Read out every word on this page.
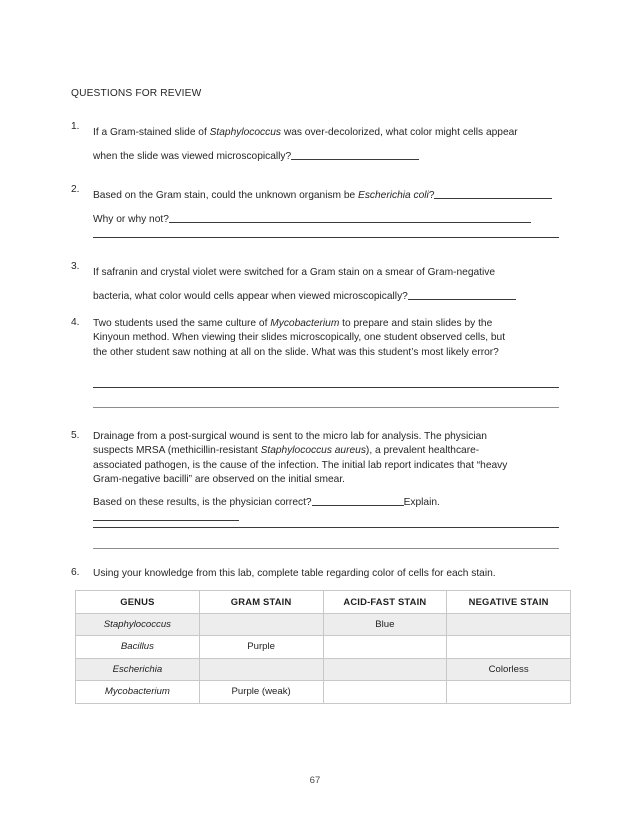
QUESTIONS FOR REVIEW
1.
If a Gram-stained slide of Staphylococcus was over-decolorized, what color might cells appear
when the slide was viewed microscopically?
2.
Based on the Gram stain, could the unknown organism be Escherichia coli?
Why or why not?
3.
If safranin and crystal violet were switched for a Gram stain on a smear of Gram-negative
bacteria, what color would cells appear when viewed microscopically?
4.	Two students used the same culture of Mycobacterium to prepare and stain slides by the
Kinyoun method. When viewing their slides microscopically, one student observed cells, but
the other student saw nothing at all on the slide. What was this student’s most likely error?
5.	Drainage from a post-surgical wound is sent to the micro lab for analysis. The physician
suspects MRSA (methicillin-resistant Staphylococcus aureus), a prevalent healthcare-
associated pathogen, is the cause of the infection. The initial lab report indicates that “heavy
Gram-negative bacilli” are observed on the initial smear.
Based on these results, is the physician correct?	Explain.
6.	Using your knowledge from this lab, complete table regarding color of cells for each stain.
GENUS	GRAM STAIN	ACID-FAST STAIN	NEGATIVE STAIN
Staphylococcus		Blue	
Bacillus	Purple		
Escherichia			Colorless
Mycobacterium	Purple (weak)		
67
